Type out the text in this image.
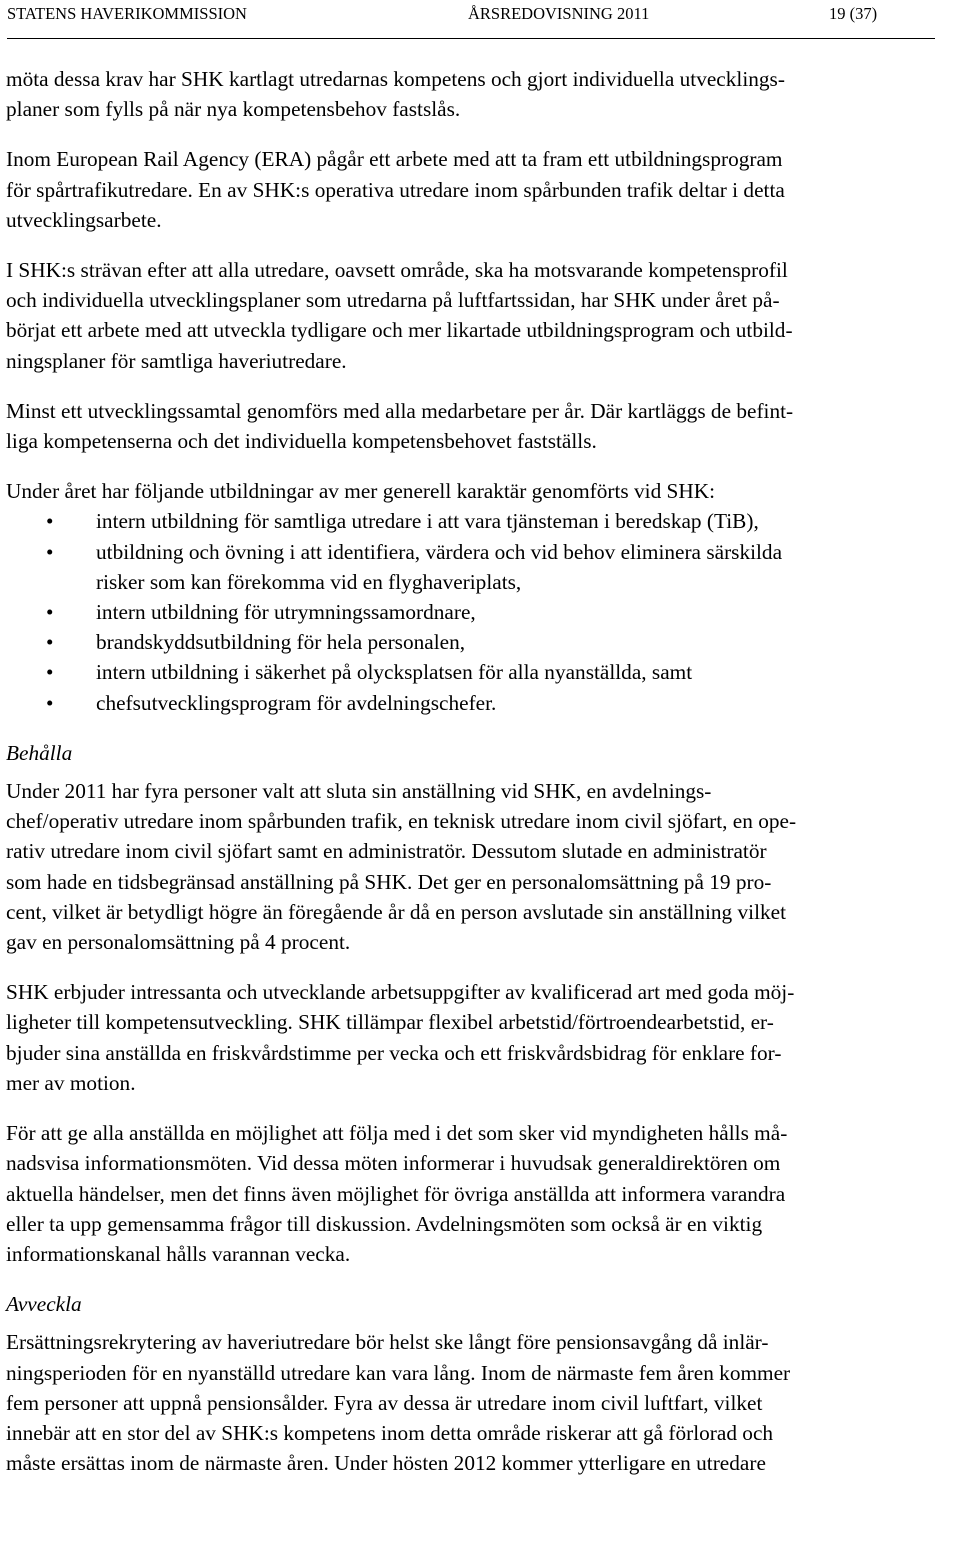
STATENS HAVERIKOMMISSION	ÅRSREDOVISNING 2011	19 (37)

möta dessa krav har SHK kartlagt utredarnas kompetens och gjort individuella utvecklings-
planer som fylls på när nya kompetensbehov fastslås.

Inom European Rail Agency (ERA) pågår ett arbete med att ta fram ett utbildningsprogram
för spårtrafikutredare. En av SHK:s operativa utredare inom spårbunden trafik deltar i detta
utvecklingsarbete.

I SHK:s strävan efter att alla utredare, oavsett område, ska ha motsvarande kompetensprofil
och individuella utvecklingsplaner som utredarna på luftfartssidan, har SHK under året på-
börjat ett arbete med att utveckla tydligare och mer likartade utbildningsprogram och utbild-
ningsplaner för samtliga haveriutredare.

Minst ett utvecklingssamtal genomförs med alla medarbetare per år. Där kartläggs de befint-
liga kompetenserna och det individuella kompetensbehovet fastställs.

Under året har följande utbildningar av mer generell karaktär genomförts vid SHK:

• intern utbildning för samtliga utredare i att vara tjänsteman i beredskap (TiB),
• utbildning och övning i att identifiera, värdera och vid behov eliminera särskilda
risker som kan förekomma vid en flyghaveriplats,
• intern utbildning för utrymningssamordnare,
• brandskyddsutbildning för hela personalen,
• intern utbildning i säkerhet på olycksplatsen för alla nyanställda, samt
• chefsutvecklingsprogram för avdelningschefer.

Behålla

Under 2011 har fyra personer valt att sluta sin anställning vid SHK, en avdelnings-
chef/operativ utredare inom spårbunden trafik, en teknisk utredare inom civil sjöfart, en ope-
rativ utredare inom civil sjöfart samt en administratör. Dessutom slutade en administratör
som hade en tidsbegränsad anställning på SHK. Det ger en personalomsättning på 19 pro-
cent, vilket är betydligt högre än föregående år då en person avslutade sin anställning vilket
gav en personalomsättning på 4 procent.

SHK erbjuder intressanta och utvecklande arbetsuppgifter av kvalificerad art med goda möj-
ligheter till kompetensutveckling. SHK tillämpar flexibel arbetstid/förtroendearbetstid, er-
bjuder sina anställda en friskvårdstimme per vecka och ett friskvårdsbidrag för enklare for-
mer av motion.

För att ge alla anställda en möjlighet att följa med i det som sker vid myndigheten hålls må-
nadsvisa informationsmöten. Vid dessa möten informerar i huvudsak generaldirektören om
aktuella händelser, men det finns även möjlighet för övriga anställda att informera varandra
eller ta upp gemensamma frågor till diskussion. Avdelningsmöten som också är en viktig
informationskanal hålls varannan vecka.

Avveckla

Ersättningsrekrytering av haveriutredare bör helst ske långt före pensionsavgång då inlär-
ningsperioden för en nyanställd utredare kan vara lång. Inom de närmaste fem åren kommer
fem personer att uppnå pensionsålder. Fyra av dessa är utredare inom civil luftfart, vilket
innebär att en stor del av SHK:s kompetens inom detta område riskerar att gå förlorad och
måste ersättas inom de närmaste åren. Under hösten 2012 kommer ytterligare en utredare
